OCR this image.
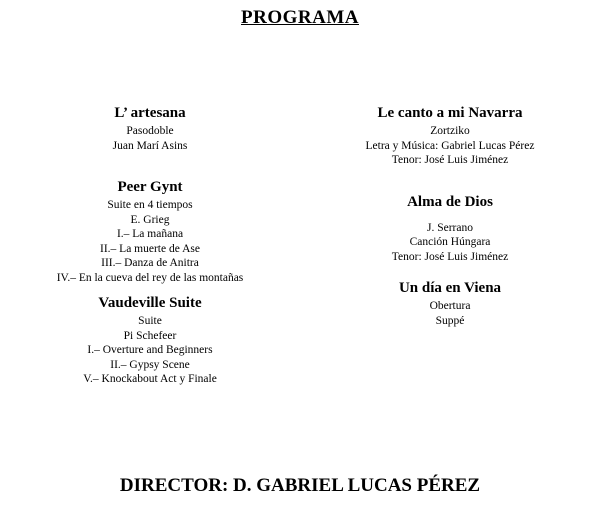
PROGRAMA
L’ artesana
Pasodoble
Juan Marí Asins
Peer Gynt
Suite en 4 tiempos
E. Grieg
I.– La mañana
II.– La muerte de Ase
III.– Danza de Anitra
IV.– En la cueva del rey de las montañas
Vaudeville Suite
Suite
Pi Schefeer
I.– Overture and Beginners
II.– Gypsy Scene
V.– Knockabout Act y Finale
Le canto a mi Navarra
Zortziko
Letra y Música: Gabriel Lucas Pérez
Tenor: José Luis Jiménez
Alma de Dios
J. Serrano
Canción Húngara
Tenor: José Luis Jiménez
Un día en Viena
Obertura
Suppé
DIRECTOR: D. GABRIEL LUCAS PÉREZ
